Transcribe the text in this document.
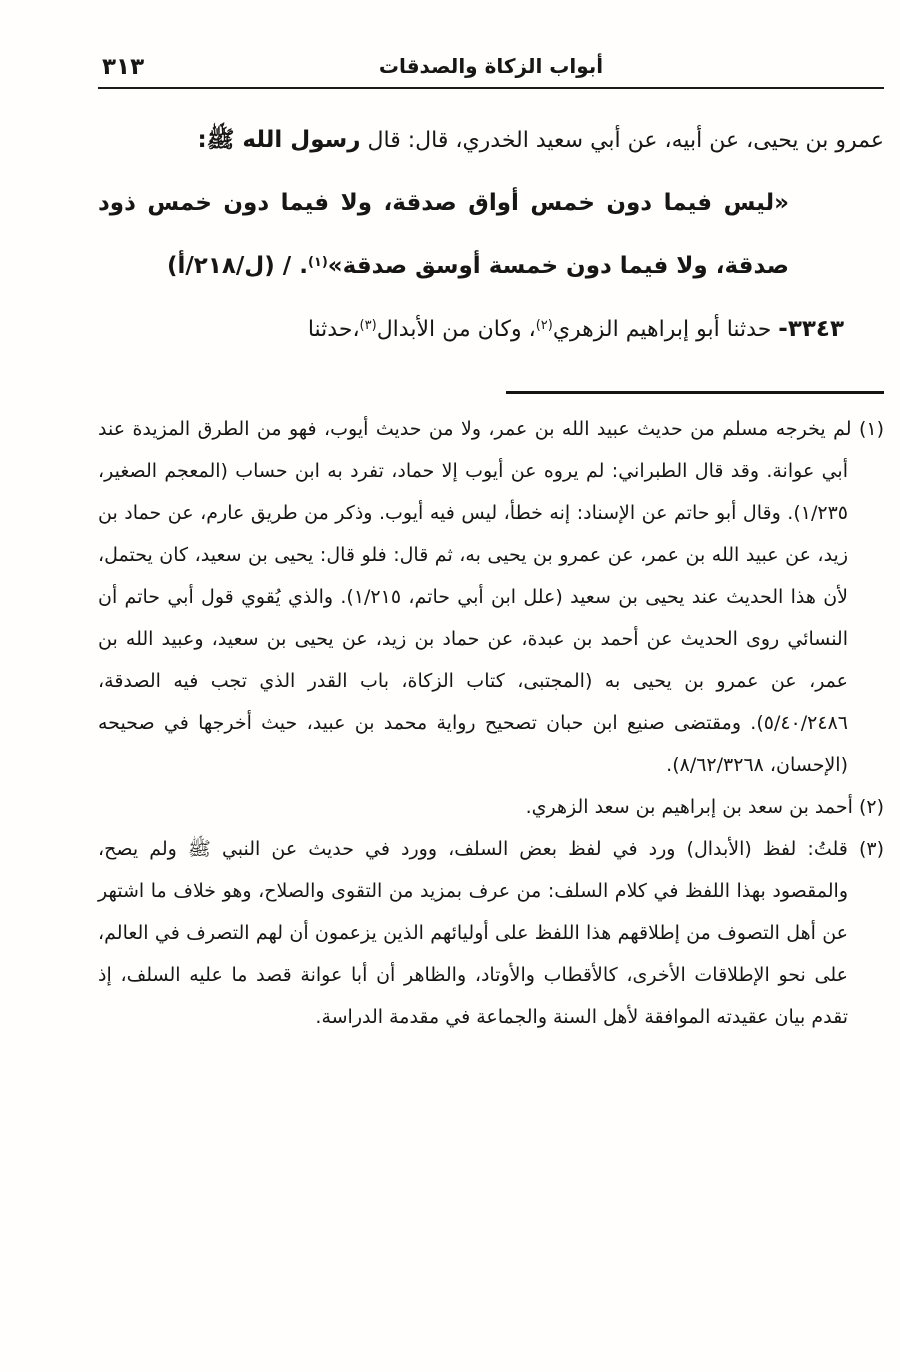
٣١٣	أبواب الزكاة والصدقات

عمرو بن يحيى، عن أبيه، عن أبي سعيد الخدري، قال: قال رسول الله ﷺ:

«ليس فيما دون خمس أواق صدقة، ولا فيما دون خمس ذود صدقة، ولا فيما دون خمسة أوسق صدقة»$^{(١)}$. / (ل/٢١٨/أ)

٣٣٤٣- حدثنا أبو إبراهيم الزهري$^{(٢)}$، وكان من الأبدال$^{(٣)}$،حدثنا

(١) لم يخرجه مسلم من حديث عبيد الله بن عمر، ولا من حديث أيوب، فهو من الطرق المزيدة عند أبي عوانة. وقد قال الطبراني: لم يروه عن أيوب إلا حماد، تفرد به ابن حساب (المعجم الصغير، ١/٢٣٥). وقال أبو حاتم عن الإسناد: إنه خطأ، ليس فيه أيوب. وذكر من طريق عارم، عن حماد بن زيد، عن عبيد الله بن عمر، عن عمرو بن يحيى به، ثم قال: فلو قال: يحيى بن سعيد، كان يحتمل، لأن هذا الحديث عند يحيى بن سعيد (علل ابن أبي حاتم، ١/٢١٥). والذي يُقوي قول أبي حاتم أن النسائي روى الحديث عن أحمد بن عبدة، عن حماد بن زيد، عن يحيى بن سعيد، وعبيد الله بن عمر، عن عمرو بن يحيى به (المجتبى، كتاب الزكاة، باب القدر الذي تجب فيه الصدقة، ٥/٤٠/٢٤٨٦). ومقتضى صنيع ابن حبان تصحيح رواية محمد بن عبيد، حيث أخرجها في صحيحه (الإحسان، ٨/٦٢/٣٢٦٨).

(٢) أحمد بن سعد بن إبراهيم بن سعد الزهري.

(٣) قلتُ: لفظ (الأبدال) ورد في لفظ بعض السلف، وورد في حديث عن النبي ﷺ ولم يصح، والمقصود بهذا اللفظ في كلام السلف: من عرف بمزيد من التقوى والصلاح، وهو خلاف ما اشتهر عن أهل التصوف من إطلاقهم هذا اللفظ على أوليائهم الذين يزعمون أن لهم التصرف في العالم، على نحو الإطلاقات الأخرى، كالأقطاب والأوتاد، والظاهر أن أبا عوانة قصد ما عليه السلف، إذ تقدم بيان عقيدته الموافقة لأهل السنة والجماعة في مقدمة الدراسة.
